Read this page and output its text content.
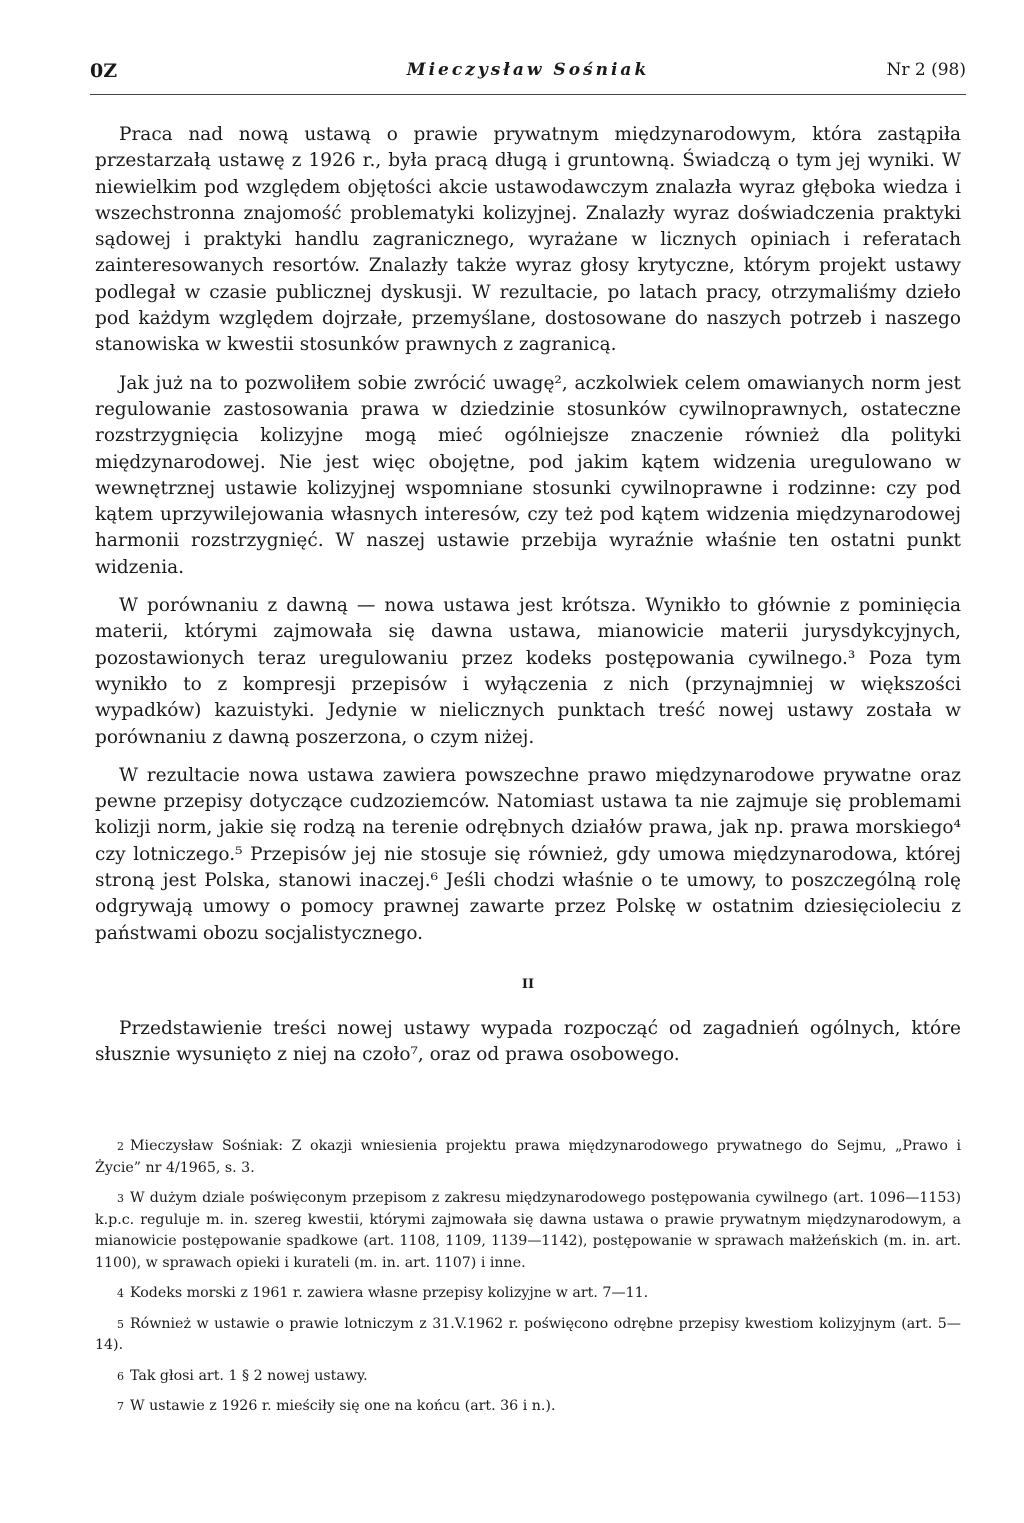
0Z	Mieczysław Sośniak	Nr 2 (98)

Praca nad nową ustawą o prawie prywatnym międzynarodowym, która zastąpiła przestarzałą ustawę z 1926 r., była pracą długą i gruntowną. Świadczą o tym jej wyniki. W niewielkim pod względem objętości akcie ustawodawczym znalazła wyraz głęboka wiedza i wszechstronna znajomość problematyki kolizyjnej. Znalazły wyraz doświadczenia praktyki sądowej i praktyki handlu zagranicznego, wyrażane w licznych opiniach i referatach zainteresowanych resortów. Znalazły także wyraz głosy krytyczne, którym projekt ustawy podlegał w czasie publicznej dyskusji. W rezultacie, po latach pracy, otrzymaliśmy dzieło pod każdym względem dojrzałe, przemyślane, dostosowane do naszych potrzeb i naszego stanowiska w kwestii stosunków prawnych z zagranicą.

Jak już na to pozwoliłem sobie zwrócić uwagę², aczkolwiek celem omawianych norm jest regulowanie zastosowania prawa w dziedzinie stosunków cywilnoprawnych, ostateczne rozstrzygnięcia kolizyjne mogą mieć ogólniejsze znaczenie również dla polityki międzynarodowej. Nie jest więc obojętne, pod jakim kątem widzenia uregulowano w wewnętrznej ustawie kolizyjnej wspomniane stosunki cywilnoprawne i rodzinne: czy pod kątem uprzywilejowania własnych interesów, czy też pod kątem widzenia międzynarodowej harmonii rozstrzygnięć. W naszej ustawie przebija wyraźnie właśnie ten ostatni punkt widzenia.

W porównaniu z dawną — nowa ustawa jest krótsza. Wynikło to głównie z pominięcia materii, którymi zajmowała się dawna ustawa, mianowicie materii jurysdykcyjnych, pozostawionych teraz uregulowaniu przez kodeks postępowania cywilnego.³ Poza tym wynikło to z kompresji przepisów i wyłączenia z nich (przynajmniej w większości wypadków) kazuistyki. Jedynie w nielicznych punktach treść nowej ustawy została w porównaniu z dawną poszerzona, o czym niżej.

W rezultacie nowa ustawa zawiera powszechne prawo międzynarodowe prywatne oraz pewne przepisy dotyczące cudzoziemców. Natomiast ustawa ta nie zajmuje się problemami kolizji norm, jakie się rodzą na terenie odrębnych działów prawa, jak np. prawa morskiego⁴ czy lotniczego.⁵ Przepisów jej nie stosuje się również, gdy umowa międzynarodowa, której stroną jest Polska, stanowi inaczej.⁶ Jeśli chodzi właśnie o te umowy, to poszczególną rolę odgrywają umowy o pomocy prawnej zawarte przez Polskę w ostatnim dziesięcioleciu z państwami obozu socjalistycznego.

II

Przedstawienie treści nowej ustawy wypada rozpocząć od zagadnień ogólnych, które słusznie wysunięto z niej na czoło⁷, oraz od prawa osobowego.

2 Mieczysław Sośniak: Z okazji wniesienia projektu prawa międzynarodowego prywatnego do Sejmu, „Prawo i Życie” nr 4/1965, s. 3.

3 W dużym dziale poświęconym przepisom z zakresu międzynarodowego postępowania cywilnego (art. 1096—1153) k.p.c. reguluje m. in. szereg kwestii, którymi zajmowała się dawna ustawa o prawie prywatnym międzynarodowym, a mianowicie postępowanie spadkowe (art. 1108, 1109, 1139—1142), postępowanie w sprawach małżeńskich (m. in. art. 1100), w sprawach opieki i kurateli (m. in. art. 1107) i inne.

4 Kodeks morski z 1961 r. zawiera własne przepisy kolizyjne w art. 7—11.

5 Również w ustawie o prawie lotniczym z 31.V.1962 r. poświęcono odrębne przepisy kwestiom kolizyjnym (art. 5—14).

6 Tak głosi art. 1 § 2 nowej ustawy.

7 W ustawie z 1926 r. mieściły się one na końcu (art. 36 i n.).
